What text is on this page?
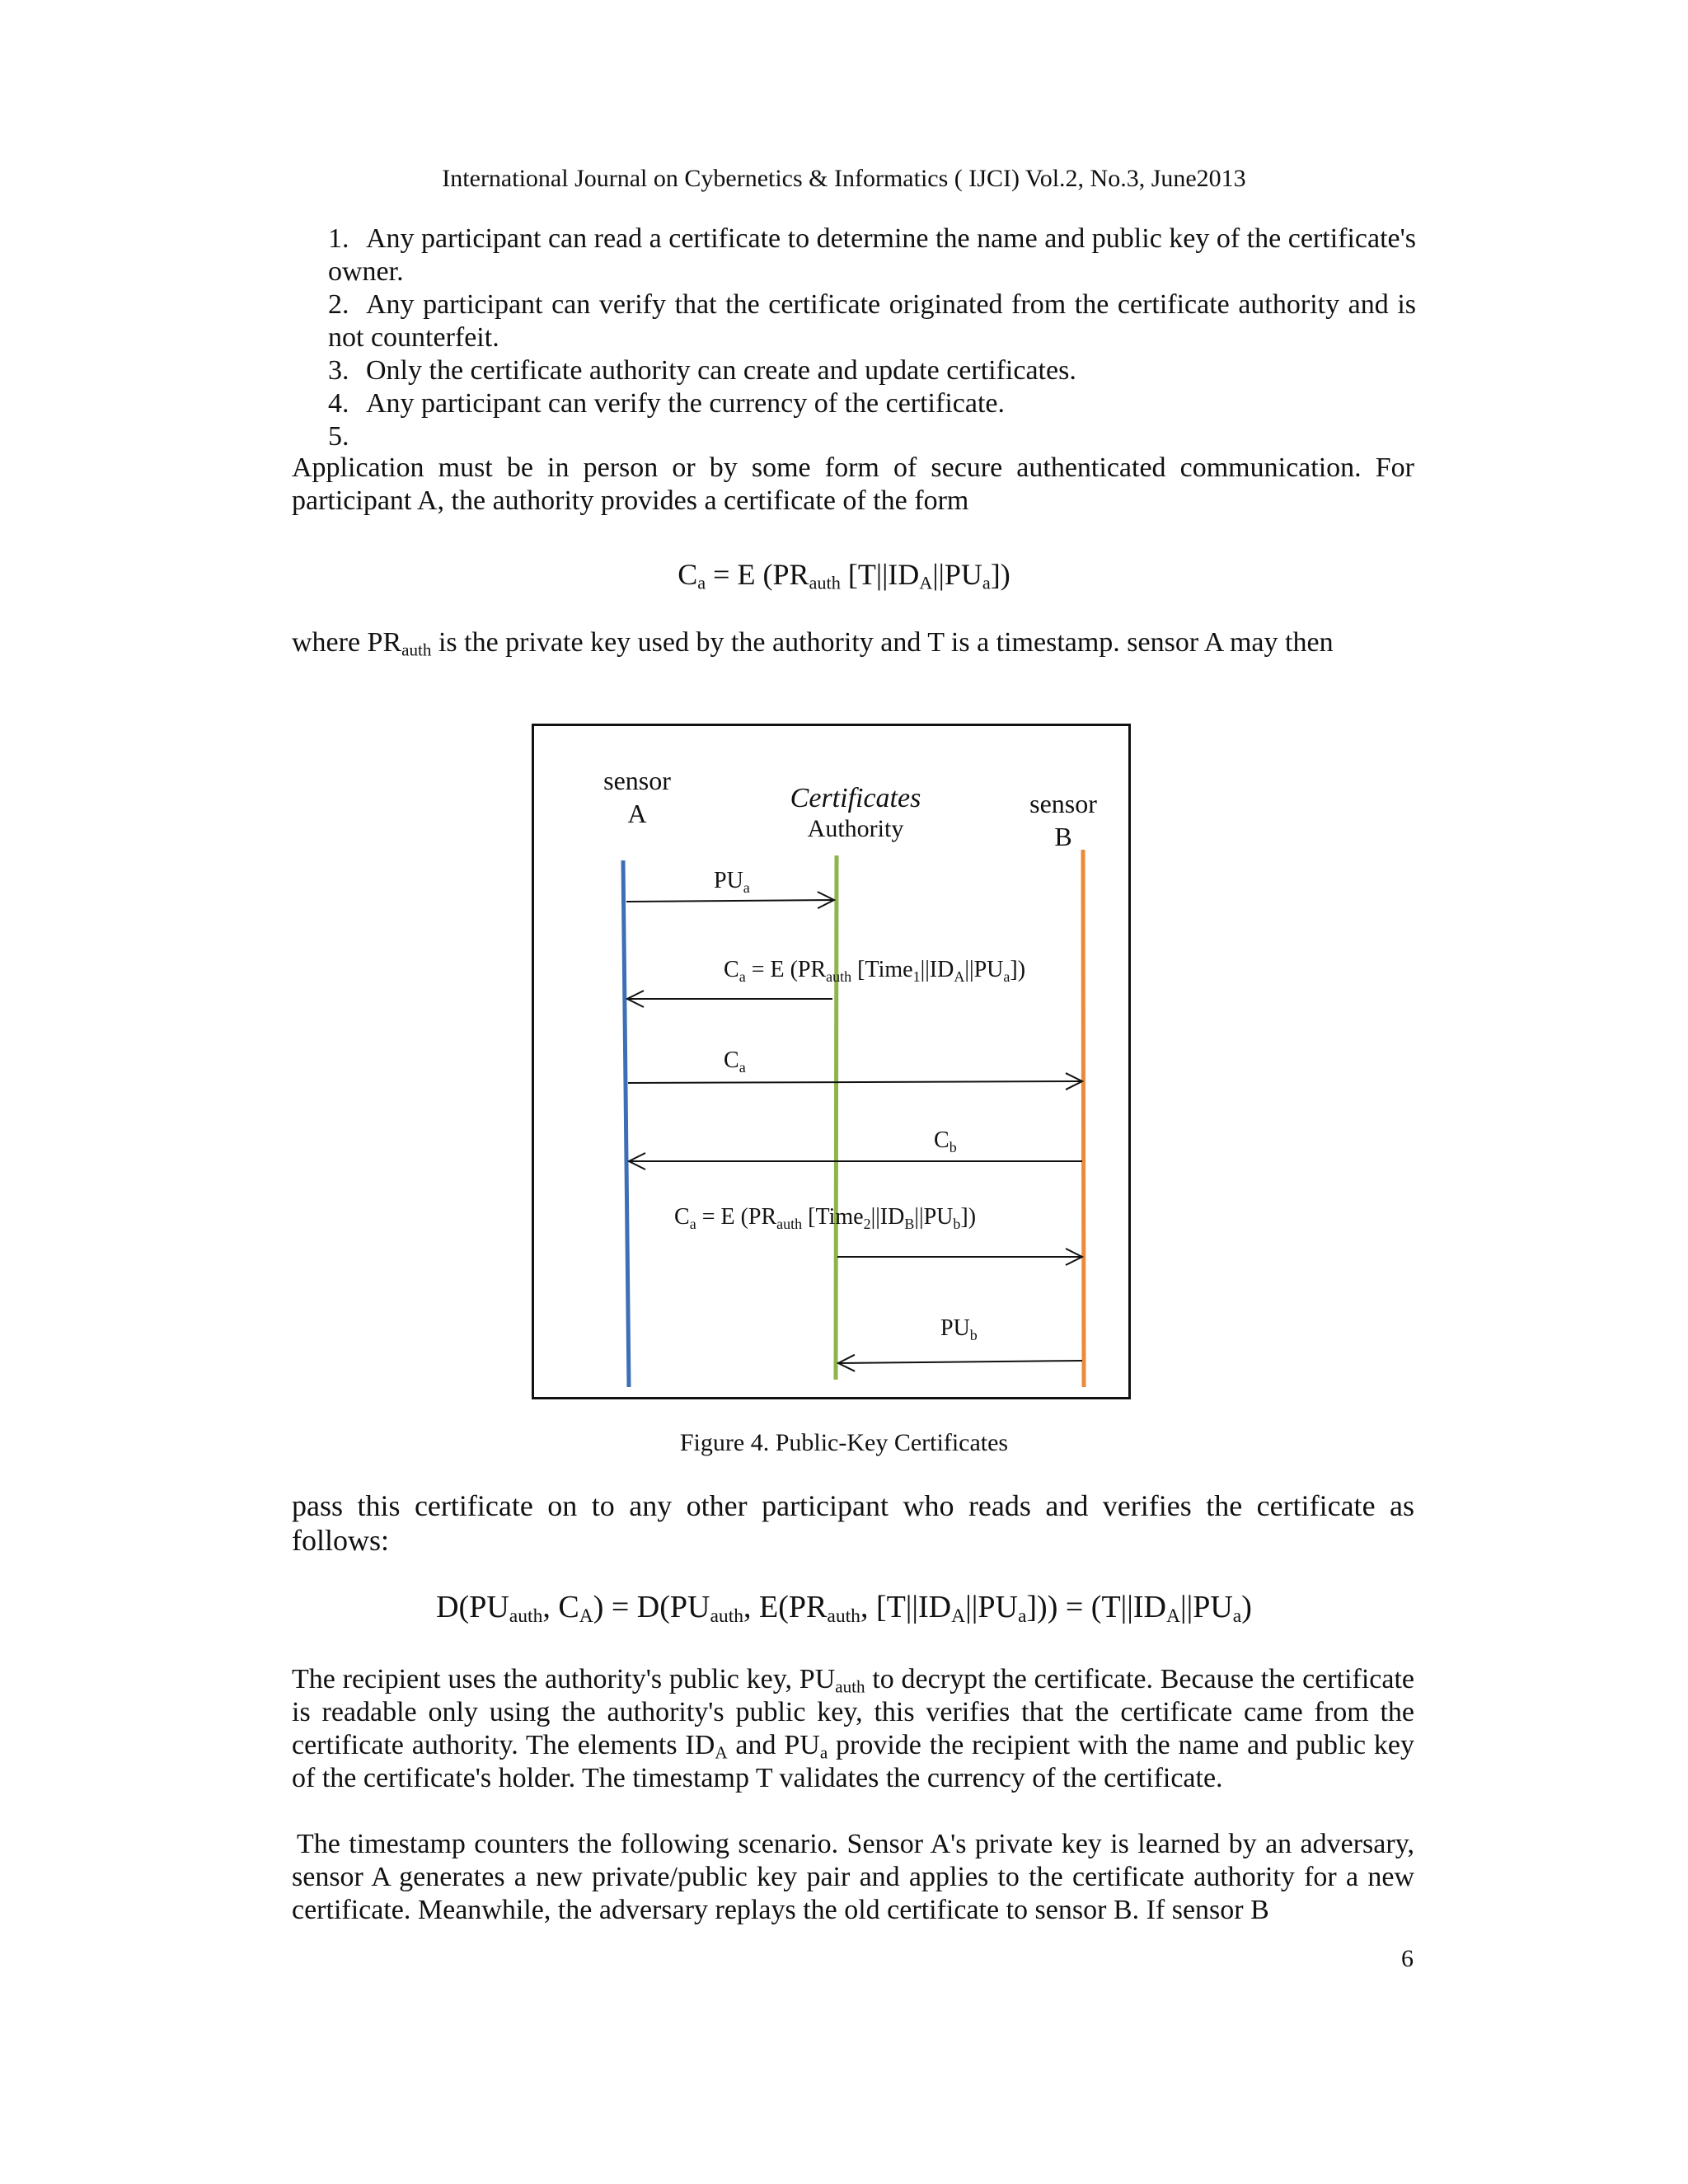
International Journal on Cybernetics & Informatics ( IJCI) Vol.2, No.3, June2013
1. Any participant can read a certificate to determine the name and public key of the certificate's owner.
2. Any participant can verify that the certificate originated from the certificate authority and is not counterfeit.
3. Only the certificate authority can create and update certificates.
4. Any participant can verify the currency of the certificate.
5.
Application must be in person or by some form of secure authenticated communication. For participant A, the authority provides a certificate of the form
$C_a = E$ ($PR_{auth}$ $[T||ID_A||PU_a]$)
where $PR_{auth}$ is the private key used by the authority and T is a timestamp. sensor A may then
sensor
A	Certificates
Authority
sensor
B
$PU_a$
$C_a = E$ ($PR_{auth}$ $[Time_1||ID_A||PU_a]$)
$C_a$
$C_b$
$C_a = E$ ($PR_{auth}$ $[Time_2||ID_B||PU_b]$)
$PU_b$
Figure 4. Public-Key Certificates
pass this certificate on to any other participant who reads and verifies the certificate as follows:
$D(PU_{auth}$, $C_A) = D(PU_{auth}$, $E(PR_{auth}$, $[T||ID_A||PU_a])) = (T||ID_A||PU_a)$
The recipient uses the authority's public key, $PU_{auth}$ to decrypt the certificate. Because the certificate is readable only using the authority's public key, this verifies that the certificate came from the certificate authority. The elements $ID_A$ and $PU_a$ provide the recipient with the name and public key of the certificate's holder. The timestamp T validates the currency of the certificate.
The timestamp counters the following scenario. Sensor A's private key is learned by an adversary, sensor A generates a new private/public key pair and applies to the certificate authority for a new certificate. Meanwhile, the adversary replays the old certificate to sensor B. If sensor B
6
